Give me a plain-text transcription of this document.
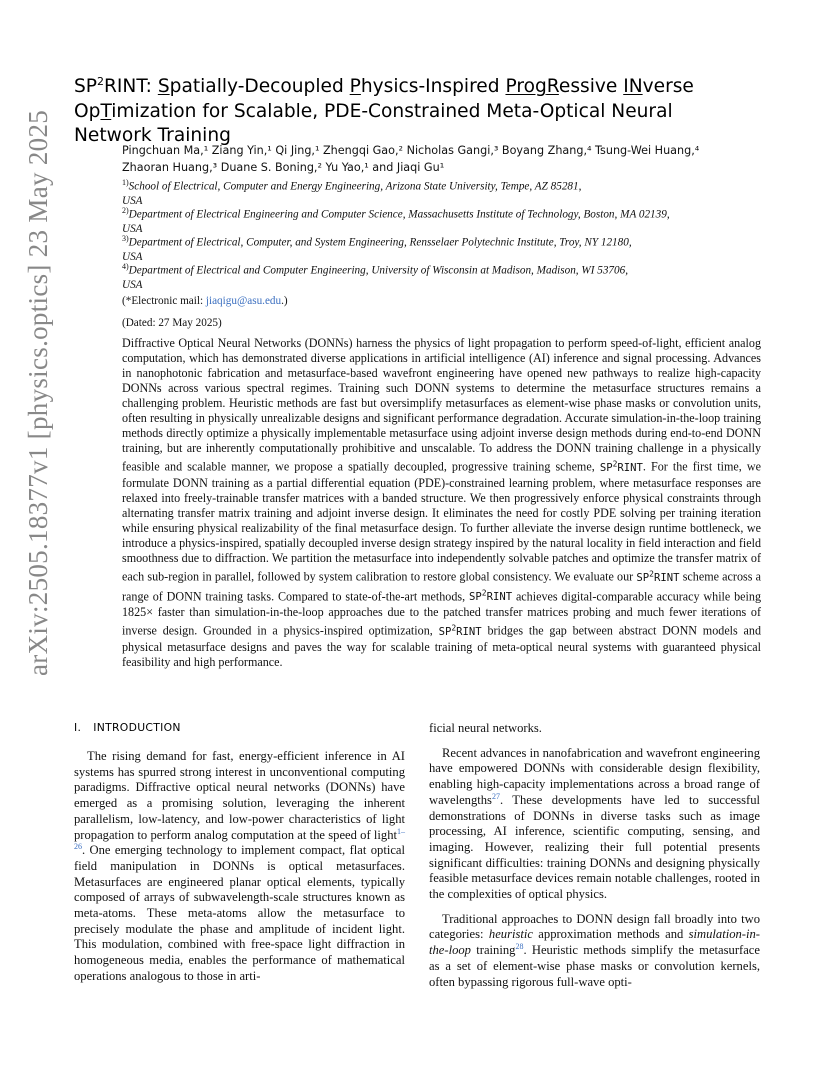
arXiv:2505.18377v1 [physics.optics] 23 May 2025
$SP^2RINT$: Spatially-Decoupled Physics-Inspired ProgRessive INverse
OpTimization for Scalable, PDE-Constrained Meta-Optical Neural
Network Training
Pingchuan Ma,¹ Ziang Yin,¹ Qi Jing,¹ Zhengqi Gao,² Nicholas Gangi,³ Boyang Zhang,⁴ Tsung-Wei Huang,⁴
Zhaoran Huang,³ Duane S. Boning,² Yu Yao,¹ and Jiaqi Gu¹
$^{1)}$School of Electrical, Computer and Energy Engineering, Arizona State University, Tempe, AZ 85281,
USA
$^{2)}$Department of Electrical Engineering and Computer Science, Massachusetts Institute of Technology, Boston, MA 02139,
USA
$^{3)}$Department of Electrical, Computer, and System Engineering, Rensselaer Polytechnic Institute, Troy, NY 12180,
USA
$^{4)}$Department of Electrical and Computer Engineering, University of Wisconsin at Madison, Madison, WI 53706,
USA
(*Electronic mail: jiaqigu@asu.edu.)
(Dated: 27 May 2025)
Diffractive Optical Neural Networks (DONNs) harness the physics of light propagation to perform speed-of-light, efficient analog computation, which has demonstrated diverse applications in artificial intelligence (AI) inference and signal processing. Advances in nanophotonic fabrication and metasurface-based wavefront engineering have opened new pathways to realize high-capacity DONNs across various spectral regimes. Training such DONN systems to determine the metasurface structures remains a challenging problem. Heuristic methods are fast but oversimplify metasurfaces as element-wise phase masks or convolution units, often resulting in physically unrealizable designs and significant performance degradation. Accurate simulation-in-the-loop training methods directly optimize a physically implementable metasurface using adjoint inverse design methods during end-to-end DONN training, but are inherently computationally prohibitive and unscalable. To address the DONN training challenge in a physically feasible and scalable manner, we propose a spatially decoupled, progressive training scheme, $SP^2RINT$. For the first time, we formulate DONN training as a partial differential equation (PDE)-constrained learning problem, where metasurface responses are relaxed into freely-trainable transfer matrices with a banded structure. We then progressively enforce physical constraints through alternating transfer matrix training and adjoint inverse design. It eliminates the need for costly PDE solving per training iteration while ensuring physical realizability of the final metasurface design. To further alleviate the inverse design runtime bottleneck, we introduce a physics-inspired, spatially decoupled inverse design strategy inspired by the natural locality in field interaction and field smoothness due to diffraction. We partition the metasurface into independently solvable patches and optimize the transfer matrix of each sub-region in parallel, followed by system calibration to restore global consistency. We evaluate our $SP^2RINT$ scheme across a range of DONN training tasks. Compared to state-of-the-art methods, $SP^2RINT$ achieves digital-comparable accuracy while being 1825× faster than simulation-in-the-loop approaches due to the patched transfer matrices probing and much fewer iterations of inverse design. Grounded in a physics-inspired optimization, $SP^2RINT$ bridges the gap between abstract DONN models and physical metasurface designs and paves the way for scalable training of meta-optical neural systems with guaranteed physical feasibility and high performance.
I. INTRODUCTION

The rising demand for fast, energy-efficient inference in AI systems has spurred strong interest in unconventional computing paradigms. Diffractive optical neural networks (DONNs) have emerged as a promising solution, leveraging the inherent parallelism, low-latency, and low-power characteristics of light propagation to perform analog computation at the speed of light$^{1-26}$. One emerging technology to implement compact, flat optical field manipulation in DONNs is optical metasurfaces. Metasurfaces are engineered planar optical elements, typically composed of arrays of subwavelength-scale structures known as meta-atoms. These meta-atoms allow the metasurface to precisely modulate the phase and amplitude of incident light. This modulation, combined with free-space light diffraction in homogeneous media, enables the performance of mathematical operations analogous to those in arti-

ficial neural networks.

Recent advances in nanofabrication and wavefront engineering have empowered DONNs with considerable design flexibility, enabling high-capacity implementations across a broad range of wavelengths$^{27}$. These developments have led to successful demonstrations of DONNs in diverse tasks such as image processing, AI inference, scientific computing, sensing, and imaging. However, realizing their full potential presents significant difficulties: training DONNs and designing physically feasible metasurface devices remain notable challenges, rooted in the complexities of optical physics.

Traditional approaches to DONN design fall broadly into two categories: heuristic approximation methods and simulation-in-the-loop training$^{28}$. Heuristic methods simplify the metasurface as a set of element-wise phase masks or convolution kernels, often bypassing rigorous full-wave opti-
